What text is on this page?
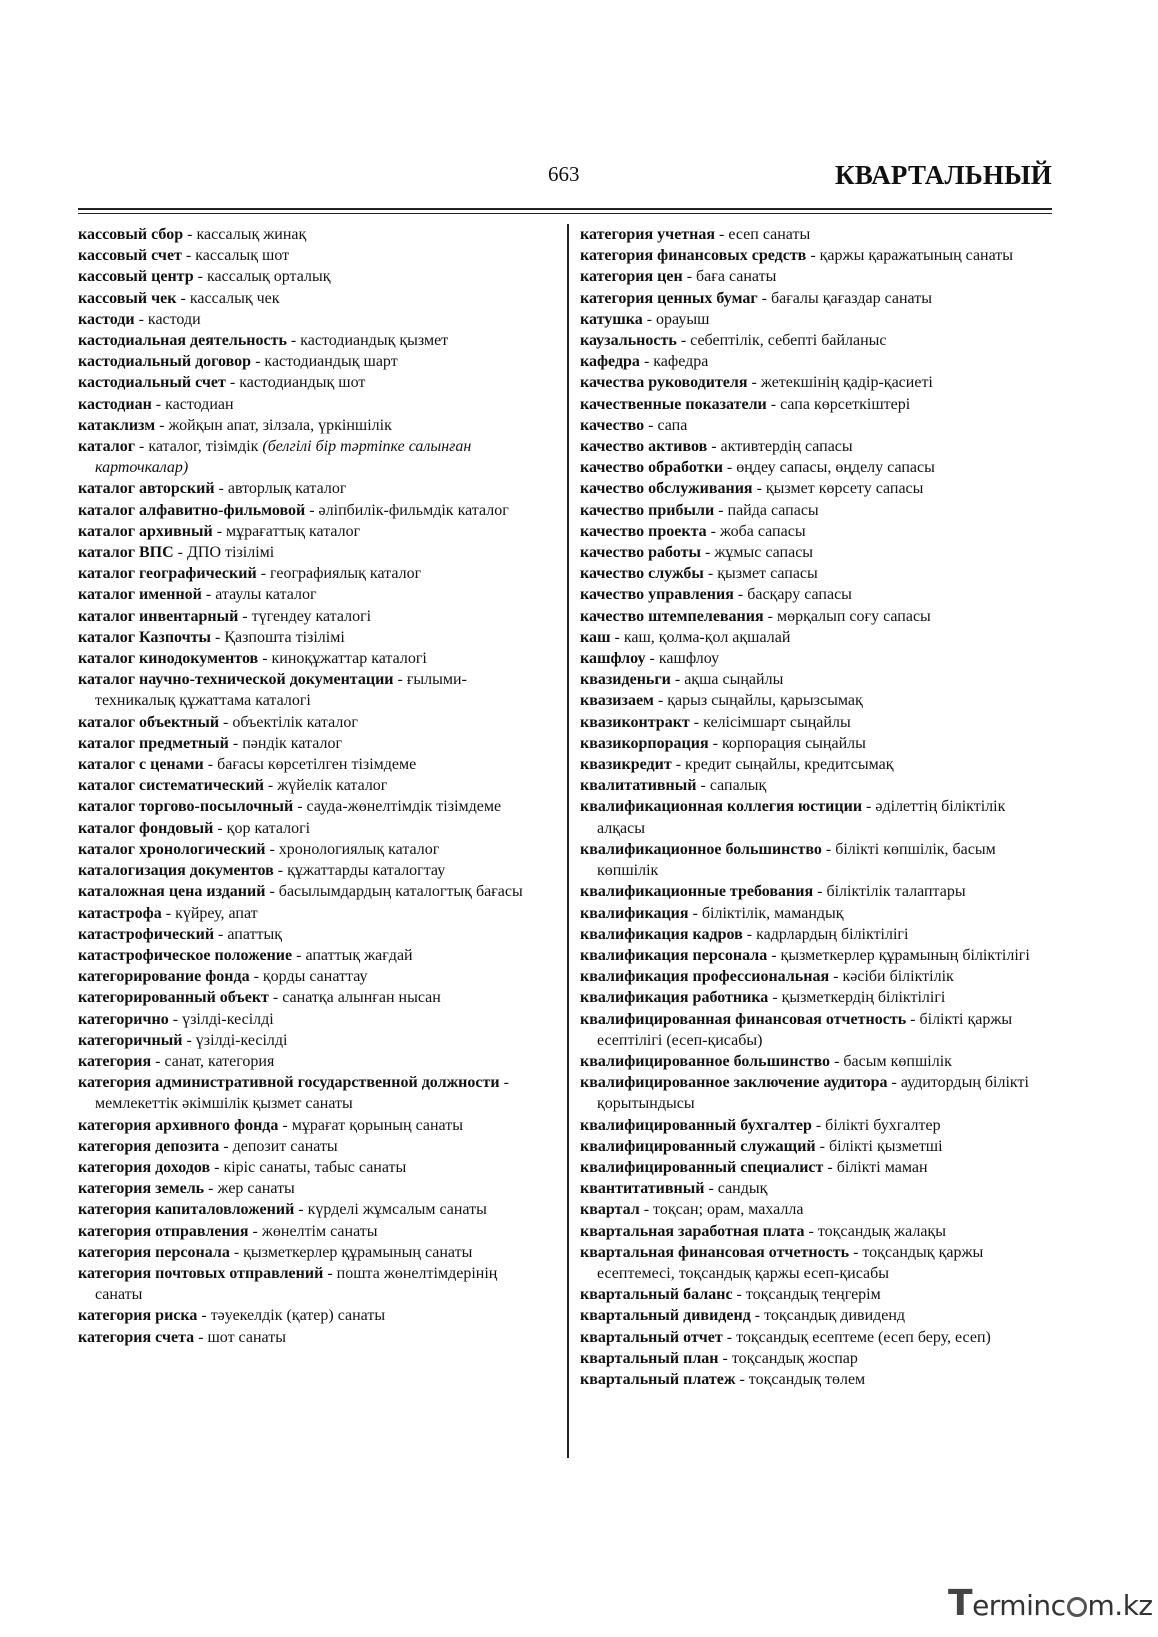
663	КВАРТАЛЬНЫЙ
кассовый сбор - кассалық жинақ
кассовый счет - кассалық шот
кассовый центр - кассалық орталық
кассовый чек - кассалық чек
кастоди - кастоди
кастодиальная деятельность - кастодиандық қызмет
кастодиальный договор - кастодиандық шарт
кастодиальный счет - кастодиандық шот
кастодиан - кастодиан
катаклизм - жойқын апат, зілзала, үркіншілік
каталог - каталог, тізімдік (белгілі бір тәртіпке салынған карточкалар)
каталог авторский - авторлық каталог
каталог алфавитно-фильмовой - әліпбилік-фильмдік каталог
каталог архивный - мұрағаттық каталог
каталог ВПС - ДПО тізілімі
каталог географический - географиялық каталог
каталог именной - атаулы каталог
каталог инвентарный - түгендеу каталогі
каталог Казпочты - Қазпошта тізілімі
каталог кинодокументов - киноқұжаттар каталогі
каталог научно-технической документации - ғылыми-техникалық құжаттама каталогі
каталог объектный - объектілік каталог
каталог предметный - пәндік каталог
каталог с ценами - бағасы көрсетілген тізімдеме
каталог систематический - жүйелік каталог
каталог торгово-посылочный - сауда-жөнелтімдік тізімдеме
каталог фондовый - қор каталогі
каталог хронологический - хронологиялық каталог
каталогизация документов - құжаттарды каталогтау
каталожная цена изданий - басылымдардың каталогтық бағасы
катастрофа - күйреу, апат
катастрофический - апаттық
катастрофическое положение - апаттық жағдай
категорирование фонда - қорды санаттау
категорированный объект - санатқа алынған нысан
категорично - үзілді-кесілді
категоричный - үзілді-кесілді
категория - санат, категория
категория административной государственной должности - мемлекеттік әкімшілік қызмет санаты
категория архивного фонда - мұрағат қорының санаты
категория депозита - депозит санаты
категория доходов - кіріс санаты, табыс санаты
категория земель - жер санаты
категория капиталовложений - күрделі жұмсалым санаты
категория отправления - жөнелтім санаты
категория персонала - қызметкерлер құрамының санаты
категория почтовых отправлений - пошта жөнелтімдерінің санаты
категория риска - тәуекелдік (қатер) санаты
категория счета - шот санаты
категория учетная - есеп санаты
категория финансовых средств - қаржы қаражатының санаты
категория цен - баға санаты
категория ценных бумаг - бағалы қағаздар санаты
катушка - орауыш
каузальность - себептілік, себепті байланыс
кафедра - кафедра
качества руководителя - жетекшінің қадір-қасиеті
качественные показатели - сапа көрсеткіштері
качество - сапа
качество активов - активтердің сапасы
качество обработки - өңдеу сапасы, өңделу сапасы
качество обслуживания - қызмет көрсету сапасы
качество прибыли - пайда сапасы
качество проекта - жоба сапасы
качество работы - жұмыс сапасы
качество службы - қызмет сапасы
качество управления - басқару сапасы
качество штемпелевания - мөрқалып соғу сапасы
каш - каш, қолма-қол ақшалай
кашфлоу - кашфлоу
квазиденьги - ақша сыңайлы
квазизаем - қарыз сыңайлы, қарызсымақ
квазиконтракт - келісімшарт сыңайлы
квазикорпорация - корпорация сыңайлы
квазикредит - кредит сыңайлы, кредитсымақ
квалитативный - сапалық
квалификационная коллегия юстиции - әділеттің біліктілік алқасы
квалификационное большинство - білікті көпшілік, басым көпшілік
квалификационные требования - біліктілік талаптары
квалификация - біліктілік, мамандық
квалификация кадров - кадрлардың біліктілігі
квалификация персонала - қызметкерлер құрамының біліктілігі
квалификация профессиональная - кәсіби біліктілік
квалификация работника - қызметкердің біліктілігі
квалифицированная финансовая отчетность - білікті қаржы есептілігі (есеп-қисабы)
квалифицированное большинство - басым көпшілік
квалифицированное заключение аудитора - аудитордың білікті қорытындысы
квалифицированный бухгалтер - білікті бухгалтер
квалифицированный служащий - білікті қызметші
квалифицированный специалист - білікті маман
квантитативный - сандық
квартал - тоқсан; орам, махалла
квартальная заработная плата - тоқсандық жалақы
квартальная финансовая отчетность - тоқсандық қаржы есептемесі, тоқсандық қаржы есеп-қисабы
квартальный баланс - тоқсандық теңгерім
квартальный дивиденд - тоқсандық дивиденд
квартальный отчет - тоқсандық есептеме (есеп беру, есеп)
квартальный план - тоқсандық жоспар
квартальный платеж - тоқсандық төлем
Terminc m.kz
